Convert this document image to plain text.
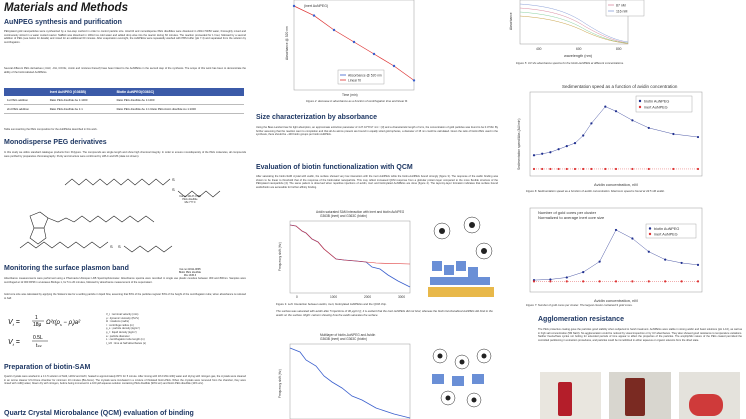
Materials and Methods
AuNPEG synthesis and purification
PEGylated gold nanoparticles were synthesized by a two-step method in order to control particle size. HAuCl4 and monodisperse PEG disulfides were dissolved in 200ml 50/50 water, thoroughly mixed and continuously stirred in a water cooled reactor. NaBH4 was dissolved in 100ml ice cold water and added drop wise into the reactor during 60 minutes. The reaction proceeded for 1 hour, followed by a second addition of PEG (see below for details) and mixed for an additional 60 minutes. After evaporation overnight, the AuNPEGs were repeatedly washed with PBS buffer (pH 7.4) and separated from the solution by centrifugation.
Several different PEG derivatives (-CH3, -OH, COOH, -biotin and mixtures thereof) have been linked to the AuNPEGs in the second step of the synthesis. The scope of this work has been to demonstrate the ability of the biotin-labeled AuNPEGs.
	Inert AuNPEG (G363B)	Biotin AuNPEG(G363C)
1st PEG addition	Ratio PEG disulfide:Au 1:1000	Ratio PEG disulfide:Au 1:1000
2nd PEG addition	Ratio PEG disulfide:Au 1:1	Ratio PEG disulfide:Au 1:1 Ratio PEG-biotin disulfide:Au 1:1000
Table summarizing the PEG composition for the AuNPEGs described in this work.
Monodisperse PEG derivatives
In this study we utilize standard catalogue products from Polypure. The compounds are single length and show high chemical integrity. In order to ensure monodispersity of the PEG molecules, all compounds were purified by preparative chromatography. Purity and structure were confirmed by HPLC and MS (data not shown).
S
S
Cat.no 10137-0795
PEG disulfide
Mw 777.0
S S
Cat.no 41911-0895
Biotin PEG disulfide
Mw 1345.3
Monitoring the surface plasmon band
Absorbance measurements were performed using a Pharmacia Ultrospec LKB Spectrophotometer. Absorbance spectra were recorded in single use plastic cuvettes between 300 and 800nm. Samples were centrifuged at 12 000 RPM in a Heraeus Biofuge 1, for 5 to 20 minutes, followed by absorbance measurement of the supernatant.
Gold core size was calculated by applying the Stokes's law for a settling particle in liquid flow, assuming that 50% of the particles register 50% of the height of the centrifugation tube; when absorbance is reduced to half.
$V_t$ =
1
18μ $\Omega^2r(\rho_s - \rho_l)a^2$
$V_t$ =
0.5L
t1/2
V_t : terminal velocity (m/s)
μ : dynamic viscosity (Pa*s)
Ω : rotations (rad/s)
r : centrifuge radius (m)
ρ_s : particle density (kg/m³)
ρ_l : liquid density (kg/m³)
a : particle diameter
L : centrifugation tube length (m)
t_1/2 : time at half absorbance (s)
Preparation of biotin-SAM
Quartz crystals were washed in a 1:1:5 solution of NH3, H2O2 and H2O, heated to approximately 80°C for 5 minute. After rinsing with 18.2 MΩ milliQ water and drying with nitrogen gas, the crystals were cleaned in an ozone cleaner UV-Ozone chamber for minimum 10 minutes (Bio-force). The crystals were incubated in a mixture of thiolated biotin-PEG. When the crystals were removed from the chamber, they were rinsed with milliQ water, blown dry with nitrogen, before being immersed in a 100 μM aqueous solution containing PEG disulfide (90% w/v) and biotin PEG disulfide (10% w/v).
Quartz Crystal Microbalance (QCM) evaluation of binding
(inert AuNPEG)
Absorbance @ 520 nm
Linear fit
Absorbance @ 520 nm
Time (min)
Figure 2: decrease in absorbance as a function of centrifugation time and linear fit.
Size characterization by absorbance
Using the Beer-Lambert law for light absorption, an approximate extinction parameter of 4.27·10^8 M⁻¹cm⁻¹ [3] and a characteristic length of 1cm, the concentration of gold particles was found to be 0.37nM. By further assuming that the reaction went to completion and that all Au atoms present are bound in equally sized gold spheres, a diameter of 15 nm could be calculated. Given the ratio of biotin-PEG used in the synthesis, there should be ~100 biotin groups per biotin AuNPEG.
Evaluation of biotin functionalization with QCM
After saturating the biotin-SAM crystal with avidin, the surface showed very low interaction with the inert AuNPEG while the biotin-AuNPEG bound strongly (figure 3). The response of the avidin binding was shown to be linear to threshold that of the response of the biotin-label nanoparticle. This may reflect increased QCM response from a globular protein layer compared to the more flexible structure of the PEGylated nanoparticle [4]. The same pattern is observed when repetitive injections of avidin, inert and biotinylated AuNPEGs are done (figure 4). The layer-by-layer formation indicates that surface bound avidin/biotin are accessible for further affinity binding.
Avidin saturated SAM interaction with inert and biotin AuNPEG
G363B (inert) and G363C (biotin)
Frequency shift (Hz)
0	1000	2000	3000
Figure 3. Left: Interaction between avidin, inert, biotinylated AuNPEGs and the QCM chip.
The surface was saturated with avidin after 5 injections of 30 μg/ml (); it is evident that the inert AuNPEG did not bind, whereas the biotin functionalized AuNPEG did bind to the avidin on the surface. Right: cartoon showing how the avidin saturates the surface.
Multilayer of biotin-AuNPEG and Avidin
G363B (inert) and G363C (biotin)
Frequency shift (Hz)
87 nM
116 nM
Absorbance
400	600	800
wavelength (nm)
Figure 5: UV-Vis absorbance spectra for the biotin-AuNPEG at different concentrations.
Sedimentation speed as a function of avidin concentration
biotin AuNPEG
inert AuNPEG
Sedimentation speed/Abs (AU/min)
Avidin concentration, nM
Figure 6: Sedimentation speed as a function of avidin concentration. Maximum speed is found at 43.5 nM avidin.
Number of gold cores per cluster
Normalized to average inert core size
biotin AuNPEG
inert AuNPEG
Avidin concentration, nM
Figure 7: Number of gold cores per cluster. The largest cluster contained 9 gold cores.
Agglomeration resistance
The PEG protective coating gave the particles good stability when subjected to harsh treatment. AuNPEGs were stable in strong acidic and basic solutions (pH 1-10), as well as in high salt concentration (5M NaCl). No agglomeration could be noticed by visual inspection or by UV absorbance. They also showed good resistance to temperature variations. Neither freeze/thaw cycles nor boiling for extended periods of time appear to affect the properties of the particles. The amphiphilic nature of the PEG coated permitted the controlled partitioning in extraction procedures, and particles could be immobilized in either aqueous or organic solvents from the dried state.
